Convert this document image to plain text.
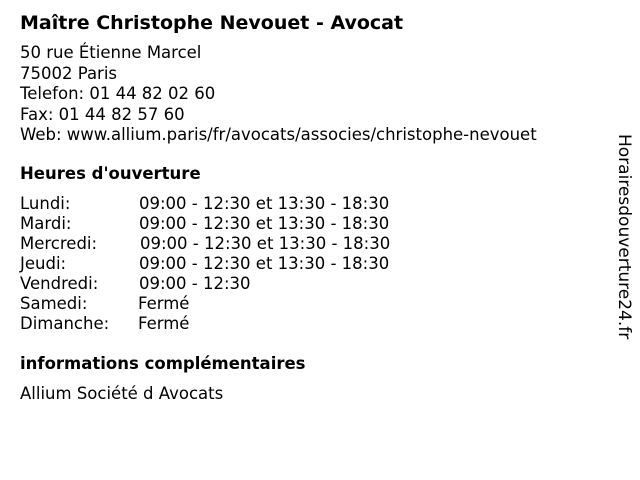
Maître Christophe Nevouet - Avocat
50 rue Étienne Marcel
75002 Paris
Telefon: 01 44 82 02 60
Fax: 01 44 82 57 60
Web: www.allium.paris/fr/avocats/associes/christophe-nevouet
Heures d'ouverture
Lundi:	09:00 - 12:30 et 13:30 - 18:30
Mardi:	09:00 - 12:30 et 13:30 - 18:30
Mercredi:	09:00 - 12:30 et 13:30 - 18:30
Jeudi:	09:00 - 12:30 et 13:30 - 18:30
Vendredi: 09:00 - 12:30
Samedi:	Fermé
Dimanche: Fermé
informations complémentaires
Allium Société d Avocats
Horairesdouverture24.fr
